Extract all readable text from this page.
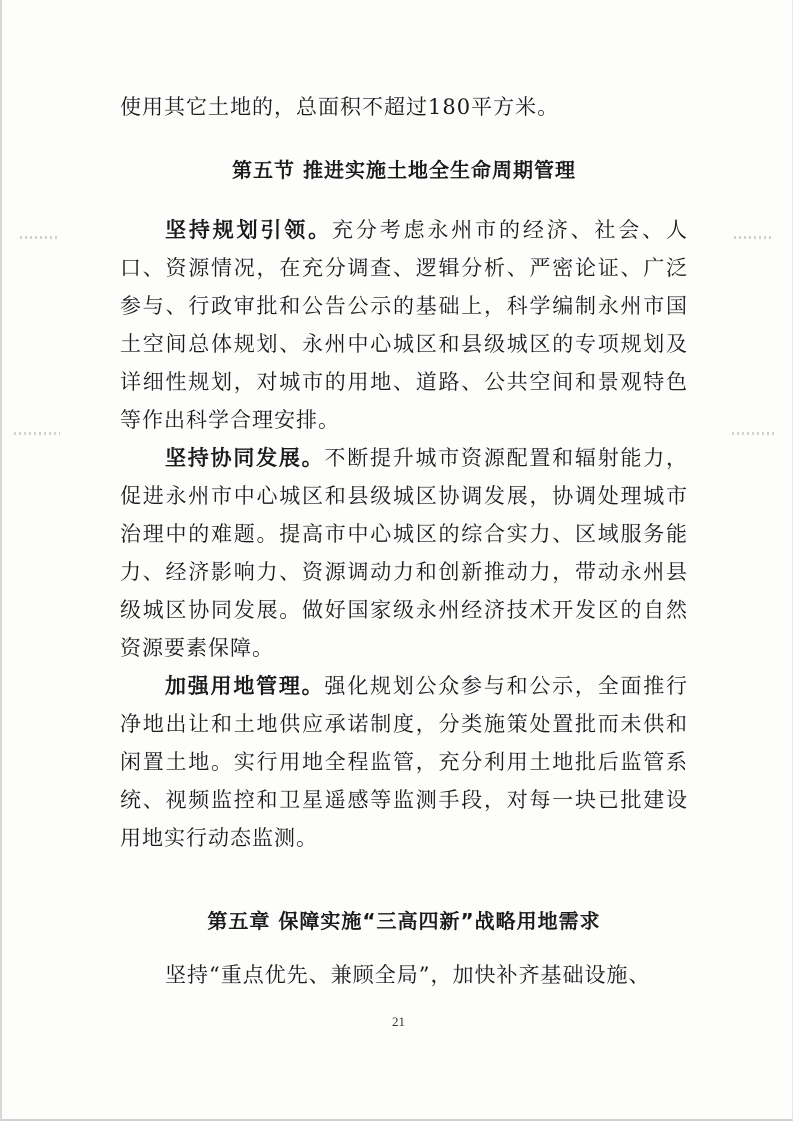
使用其它土地的，总面积不超过180平方米。
第五节 推进实施土地全生命周期管理

坚持规划引领。充分考虑永州市的经济、社会、人口、资源情况，在充分调查、逻辑分析、严密论证、广泛参与、行政审批和公告公示的基础上，科学编制永州市国土空间总体规划、永州中心城区和县级城区的专项规划及详细性规划，对城市的用地、道路、公共空间和景观特色等作出科学合理安排。

坚持协同发展。不断提升城市资源配置和辐射能力，促进永州市中心城区和县级城区协调发展，协调处理城市治理中的难题。提高市中心城区的综合实力、区域服务能力、经济影响力、资源调动力和创新推动力，带动永州县级城区协同发展。做好国家级永州经济技术开发区的自然资源要素保障。

加强用地管理。强化规划公众参与和公示，全面推行净地出让和土地供应承诺制度，分类施策处置批而未供和闲置土地。实行用地全程监管，充分利用土地批后监管系统、视频监控和卫星遥感等监测手段，对每一块已批建设用地实行动态监测。

第五章 保障实施“三高四新”战略用地需求

坚持“重点优先、兼顾全局”，加快补齐基础设施、

21
